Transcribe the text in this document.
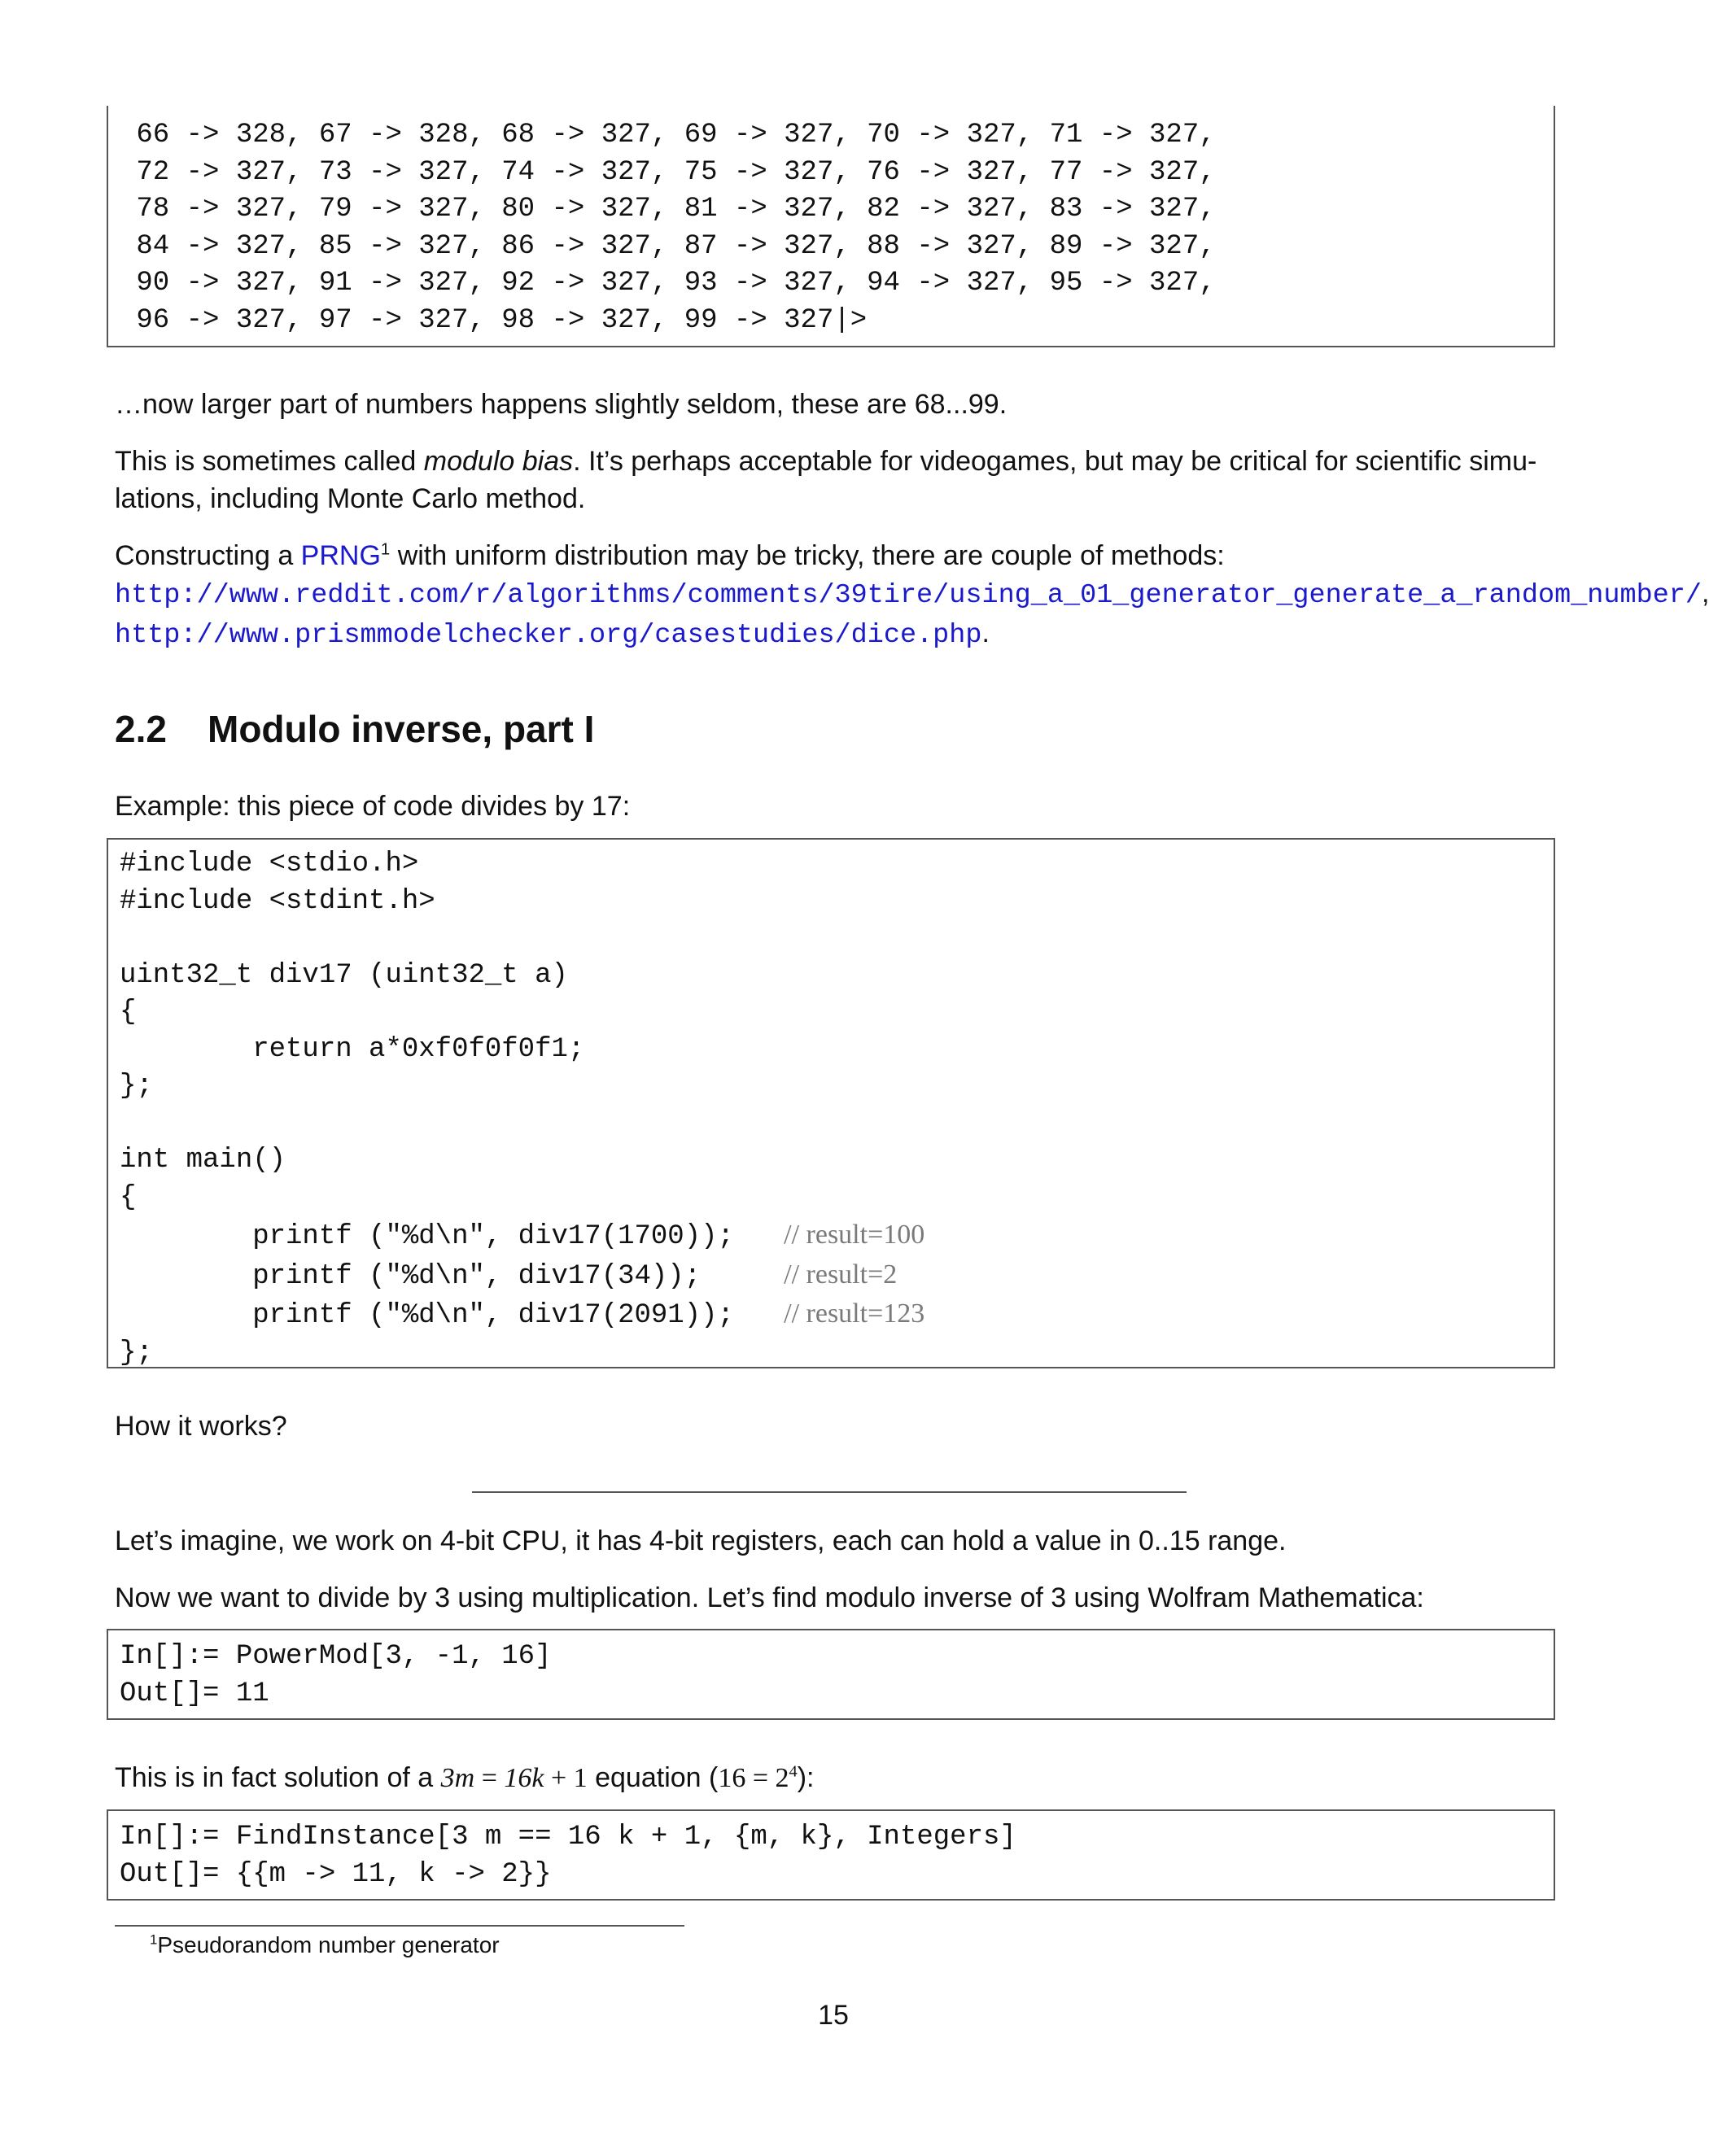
66 -> 328, 67 -> 328, 68 -> 327, 69 -> 327, 70 -> 327, 71 -> 327,
72 -> 327, 73 -> 327, 74 -> 327, 75 -> 327, 76 -> 327, 77 -> 327,
78 -> 327, 79 -> 327, 80 -> 327, 81 -> 327, 82 -> 327, 83 -> 327,
84 -> 327, 85 -> 327, 86 -> 327, 87 -> 327, 88 -> 327, 89 -> 327,
90 -> 327, 91 -> 327, 92 -> 327, 93 -> 327, 94 -> 327, 95 -> 327,
96 -> 327, 97 -> 327, 98 -> 327, 99 -> 327|>

…now larger part of numbers happens slightly seldom, these are 68...99.

This is sometimes called modulo bias. It’s perhaps acceptable for videogames, but may be critical for scientific simu-
lations, including Monte Carlo method.

Constructing a PRNG$^1$ with uniform distribution may be tricky, there are couple of methods:
http://www.reddit.com/r/algorithms/comments/39tire/using_a_01_generator_generate_a_random_number/,
http://www.prismmodelchecker.org/casestudies/dice.php.

2.2 Modulo inverse, part I

Example: this piece of code divides by 17:

#include <stdio.h>
#include <stdint.h>

uint32_t div17 (uint32_t a)
{
return a*0xf0f0f0f1;
};

int main()
{
printf ("%d\n", div17(1700));   // result=100
printf ("%d\n", div17(34));     // result=2
printf ("%d\n", div17(2091));   // result=123
};

How it works?

Let’s imagine, we work on 4-bit CPU, it has 4-bit registers, each can hold a value in 0..15 range.

Now we want to divide by 3 using multiplication. Let’s find modulo inverse of 3 using Wolfram Mathematica:

In[]:= PowerMod[3, -1, 16]
Out[]= 11

This is in fact solution of a 3m = 16k + 1 equation $(16 = 2^4)$:

In[]:= FindInstance[3 m == 16 k + 1, {m, k}, Integers]
Out[]= {{m -> 11, k -> 2}}

$^1$Pseudorandom number generator

15
